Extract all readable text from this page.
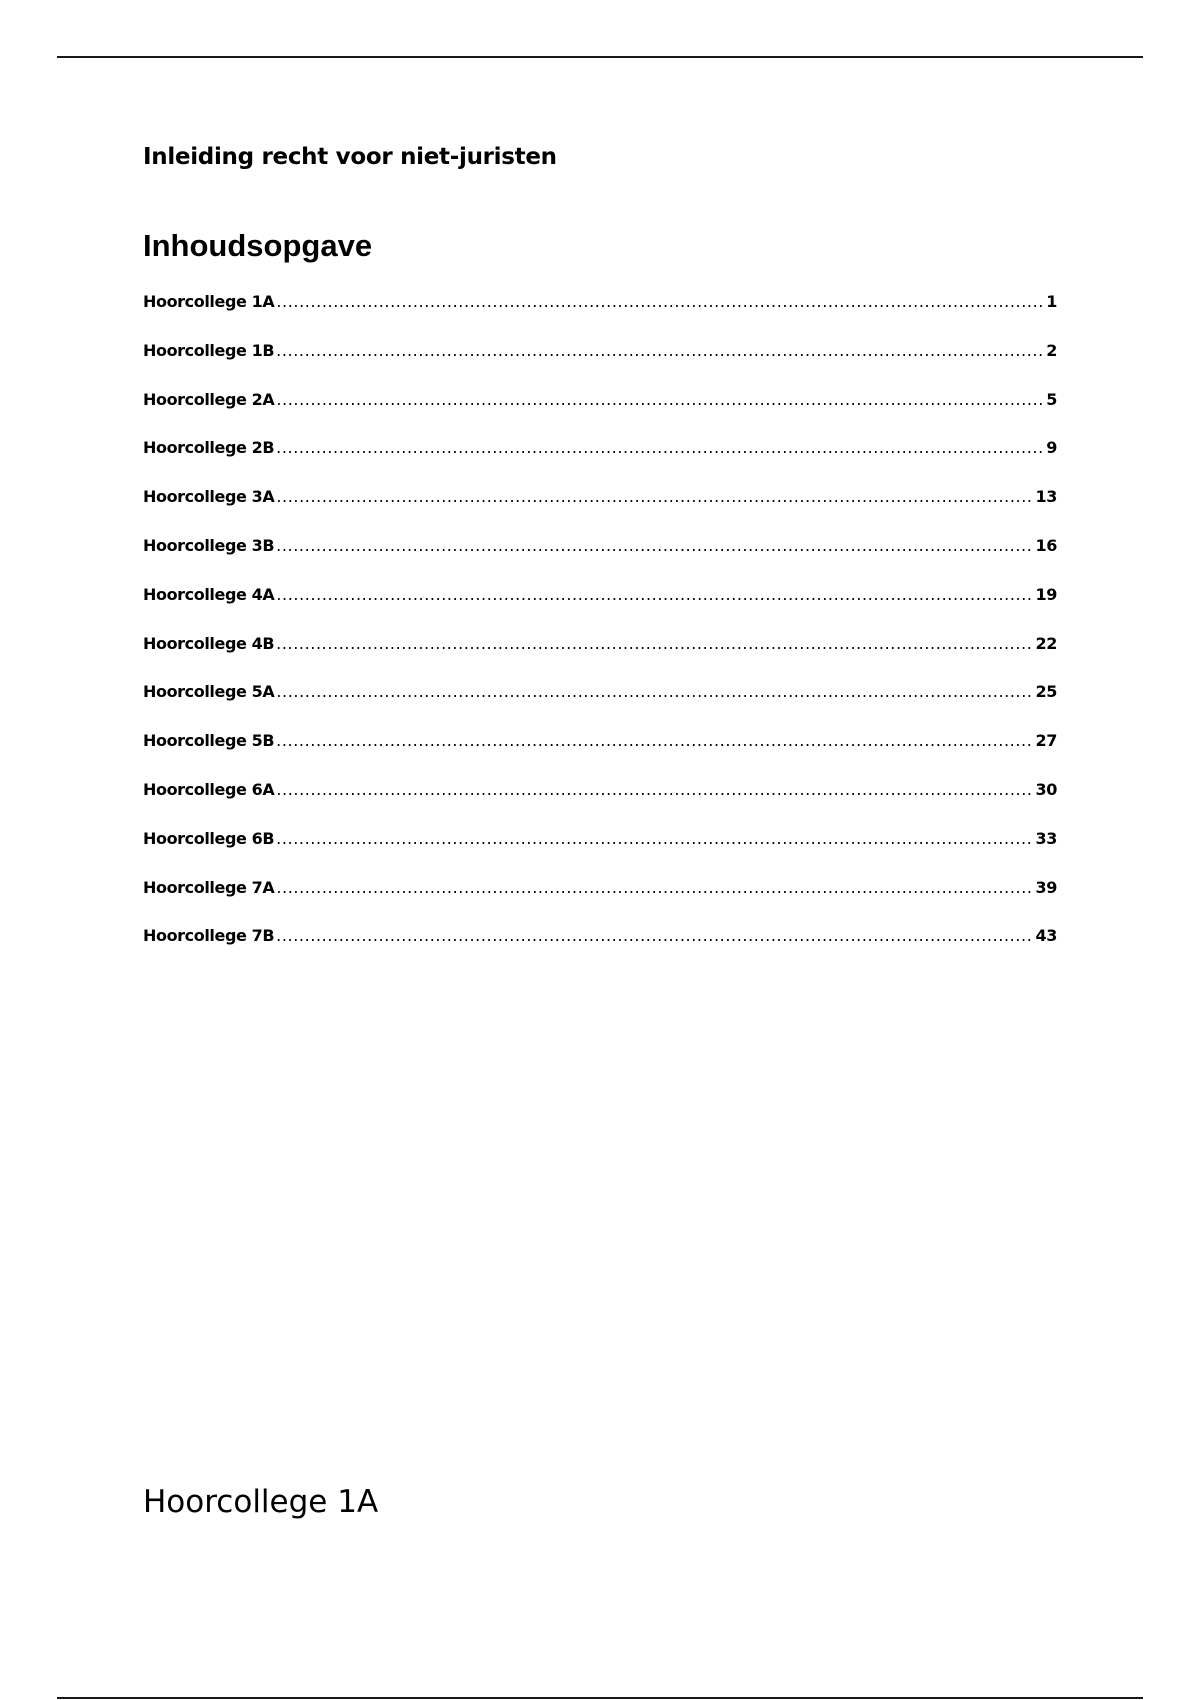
Inleiding recht voor niet-juristen
Inhoudsopgave
Hoorcollege 1A .....	1
Hoorcollege 1B .....	2
Hoorcollege 2A .....	5
Hoorcollege 2B .....	9
Hoorcollege 3A .....	13
Hoorcollege 3B .....	16
Hoorcollege 4A .....	19
Hoorcollege 4B .....	22
Hoorcollege 5A .....	25
Hoorcollege 5B .....	27
Hoorcollege 6A .....	30
Hoorcollege 6B .....	33
Hoorcollege 7A .....	39
Hoorcollege 7B .....	43
Hoorcollege 1A
